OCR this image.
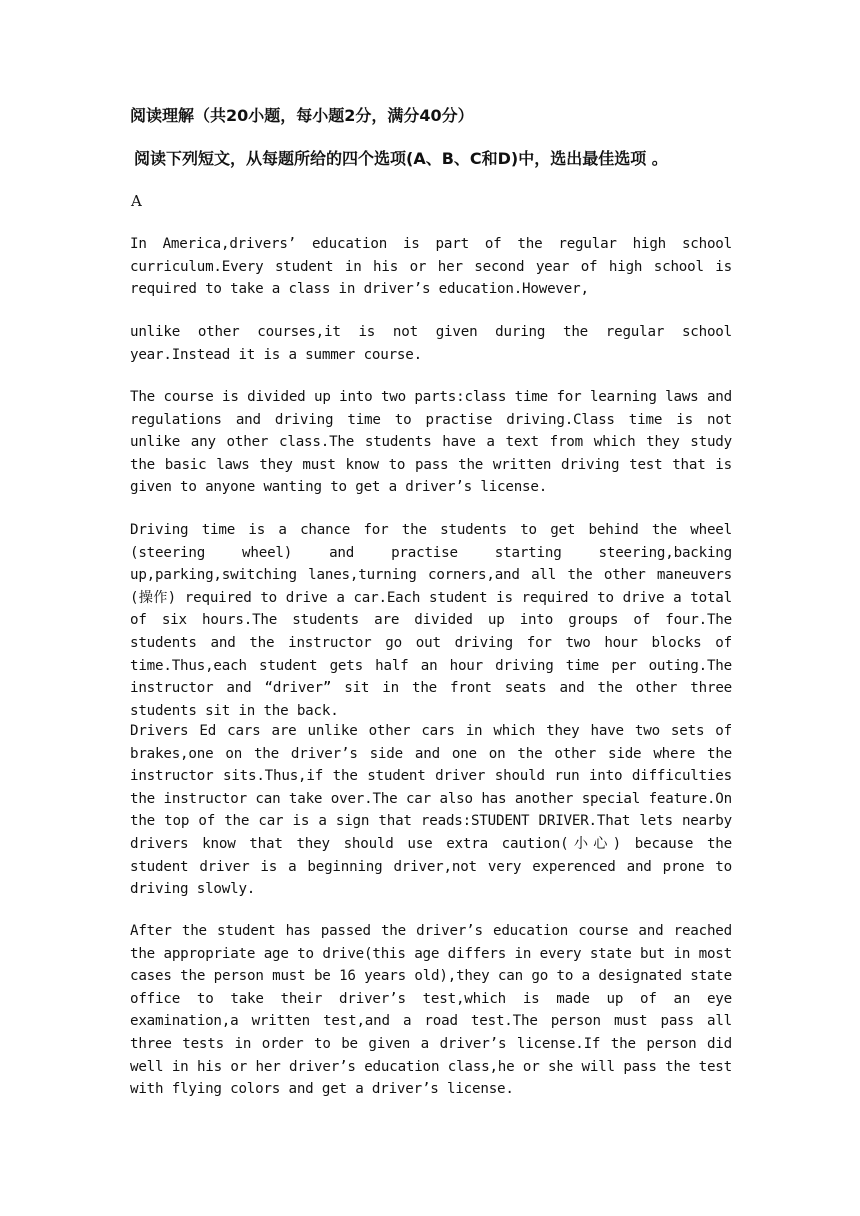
阅读理解（共20小题，每小题2分，满分40分）
阅读下列短文，从每题所给的四个选项(A、B、C和D)中，选出最佳选项 。
A

In America,drivers’ education is part of the regular high school curriculum.Every student in his or her second year of high school is required to take a class in driver’s education.However,

unlike other courses,it is not given during the regular school year.Instead it is a summer course.

The course is divided up into two parts:class time for learning laws and regulations and driving time to practise driving.Class time is not unlike any other class.The students have a text from which they study the basic laws they must know to pass the written driving test that is given to anyone wanting to get a driver’s license.

Driving time is a chance for the students to get behind the wheel (steering wheel) and practise starting steering,backing up,parking,switching lanes,turning corners,and all the other maneuvers (操作) required to drive a car.Each student is required to drive a total of six hours.The students are divided up into groups of four.The students and the instructor go out driving for two hour blocks of time.Thus,each student gets half an hour driving time per outing.The instructor and “driver” sit in the front seats and the other three students sit in the back.

Drivers Ed cars are unlike other cars in which they have two sets of brakes,one on the driver’s side and one on the other side where the instructor sits.Thus,if the student driver should run into difficulties the instructor can take over.The car also has another special feature.On the top of the car is a sign that reads:STUDENT DRIVER.That lets nearby drivers know that they should use extra caution(小心) because the student driver is a beginning driver,not very experenced and prone to driving slowly.

After the student has passed the driver’s education course and reached the appropriate age to drive(this age differs in every state but in most cases the person must be 16 years old),they can go to a designated state office to take their driver’s test,which is made up of an eye examination,a written test,and a road test.The person must pass all three tests in order to be given a driver’s license.If the person did well in his or her driver’s education class,he or she will pass the test with flying colors and get a driver’s license.
